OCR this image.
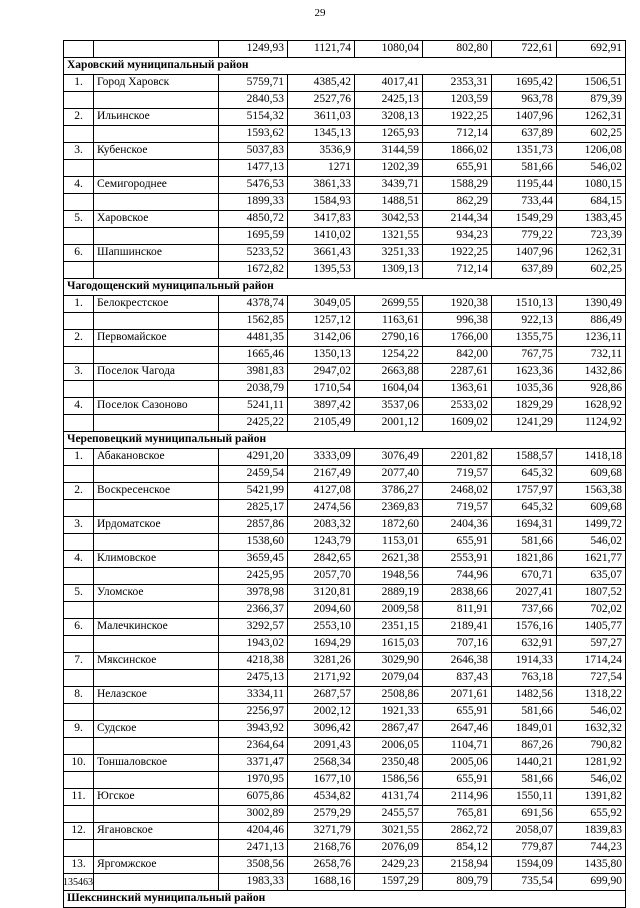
29
		1249,93	1121,74	1080,04	802,80	722,61	692,91
Харовский муниципальный район							
1.	Город Харовск	5759,71	4385,42	4017,41	2353,31	1695,42	1506,51
		2840,53	2527,76	2425,13	1203,59	963,78	879,39
2.	Ильинское	5154,32	3611,03	3208,13	1922,25	1407,96	1262,31
		1593,62	1345,13	1265,93	712,14	637,89	602,25
3.	Кубенское	5037,83	3536,9	3144,59	1866,02	1351,73	1206,08
		1477,13	1271	1202,39	655,91	581,66	546,02
4.	Семигороднее	5476,53	3861,33	3439,71	1588,29	1195,44	1080,15
		1899,33	1584,93	1488,51	862,29	733,44	684,15
5.	Харовское	4850,72	3417,83	3042,53	2144,34	1549,29	1383,45
		1695,59	1410,02	1321,55	934,23	779,22	723,39
6.	Шапшинское	5233,52	3661,43	3251,33	1922,25	1407,96	1262,31
		1672,82	1395,53	1309,13	712,14	637,89	602,25
Чагодощенский муниципальный район							
1.	Белокрестское	4378,74	3049,05	2699,55	1920,38	1510,13	1390,49
		1562,85	1257,12	1163,61	996,38	922,13	886,49
2.	Первомайское	4481,35	3142,06	2790,16	1766,00	1355,75	1236,11
		1665,46	1350,13	1254,22	842,00	767,75	732,11
3.	Поселок Чагода	3981,83	2947,02	2663,88	2287,61	1623,36	1432,86
		2038,79	1710,54	1604,04	1363,61	1035,36	928,86
4.	Поселок Сазоново	5241,11	3897,42	3537,06	2533,02	1829,29	1628,92
		2425,22	2105,49	2001,12	1609,02	1241,29	1124,92
Череповецкий муниципальный район							
1.	Абакановское	4291,20	3333,09	3076,49	2201,82	1588,57	1418,18
		2459,54	2167,49	2077,40	719,57	645,32	609,68
2.	Воскресенское	5421,99	4127,08	3786,27	2468,02	1757,97	1563,38
		2825,17	2474,56	2369,83	719,57	645,32	609,68
3.	Ирдоматское	2857,86	2083,32	1872,60	2404,36	1694,31	1499,72
		1538,60	1243,79	1153,01	655,91	581,66	546,02
4.	Климовское	3659,45	2842,65	2621,38	2553,91	1821,86	1621,77
		2425,95	2057,70	1948,56	744,96	670,71	635,07
5.	Уломское	3978,98	3120,81	2889,19	2838,66	2027,41	1807,52
		2366,37	2094,60	2009,58	811,91	737,66	702,02
6.	Малечкинское	3292,57	2553,10	2351,15	2189,41	1576,16	1405,77
		1943,02	1694,29	1615,03	707,16	632,91	597,27
7.	Мяксинское	4218,38	3281,26	3029,90	2646,38	1914,33	1714,24
		2475,13	2171,92	2079,04	837,43	763,18	727,54
8.	Нелазское	3334,11	2687,57	2508,86	2071,61	1482,56	1318,22
		2256,97	2002,12	1921,33	655,91	581,66	546,02
9.	Судское	3943,92	3096,42	2867,47	2647,46	1849,01	1632,32
		2364,64	2091,43	2006,05	1104,71	867,26	790,82
10.	Тоншаловское	3371,47	2568,34	2350,48	2005,06	1440,21	1281,92
		1970,95	1677,10	1586,56	655,91	581,66	546,02
11.	Югское	6075,86	4534,82	4131,74	2114,96	1550,11	1391,82
		3002,89	2579,29	2455,57	765,81	691,56	655,92
12.	Ягановское	4204,46	3271,79	3021,55	2862,72	2058,07	1839,83
		2471,13	2168,76	2076,09	854,12	779,87	744,23
13.	Яргомжское	3508,56	2658,76	2429,23	2158,94	1594,09	1435,80
		1983,33	1688,16	1597,29	809,79	735,54	699,90
Шекснинский муниципальный район							
135463
